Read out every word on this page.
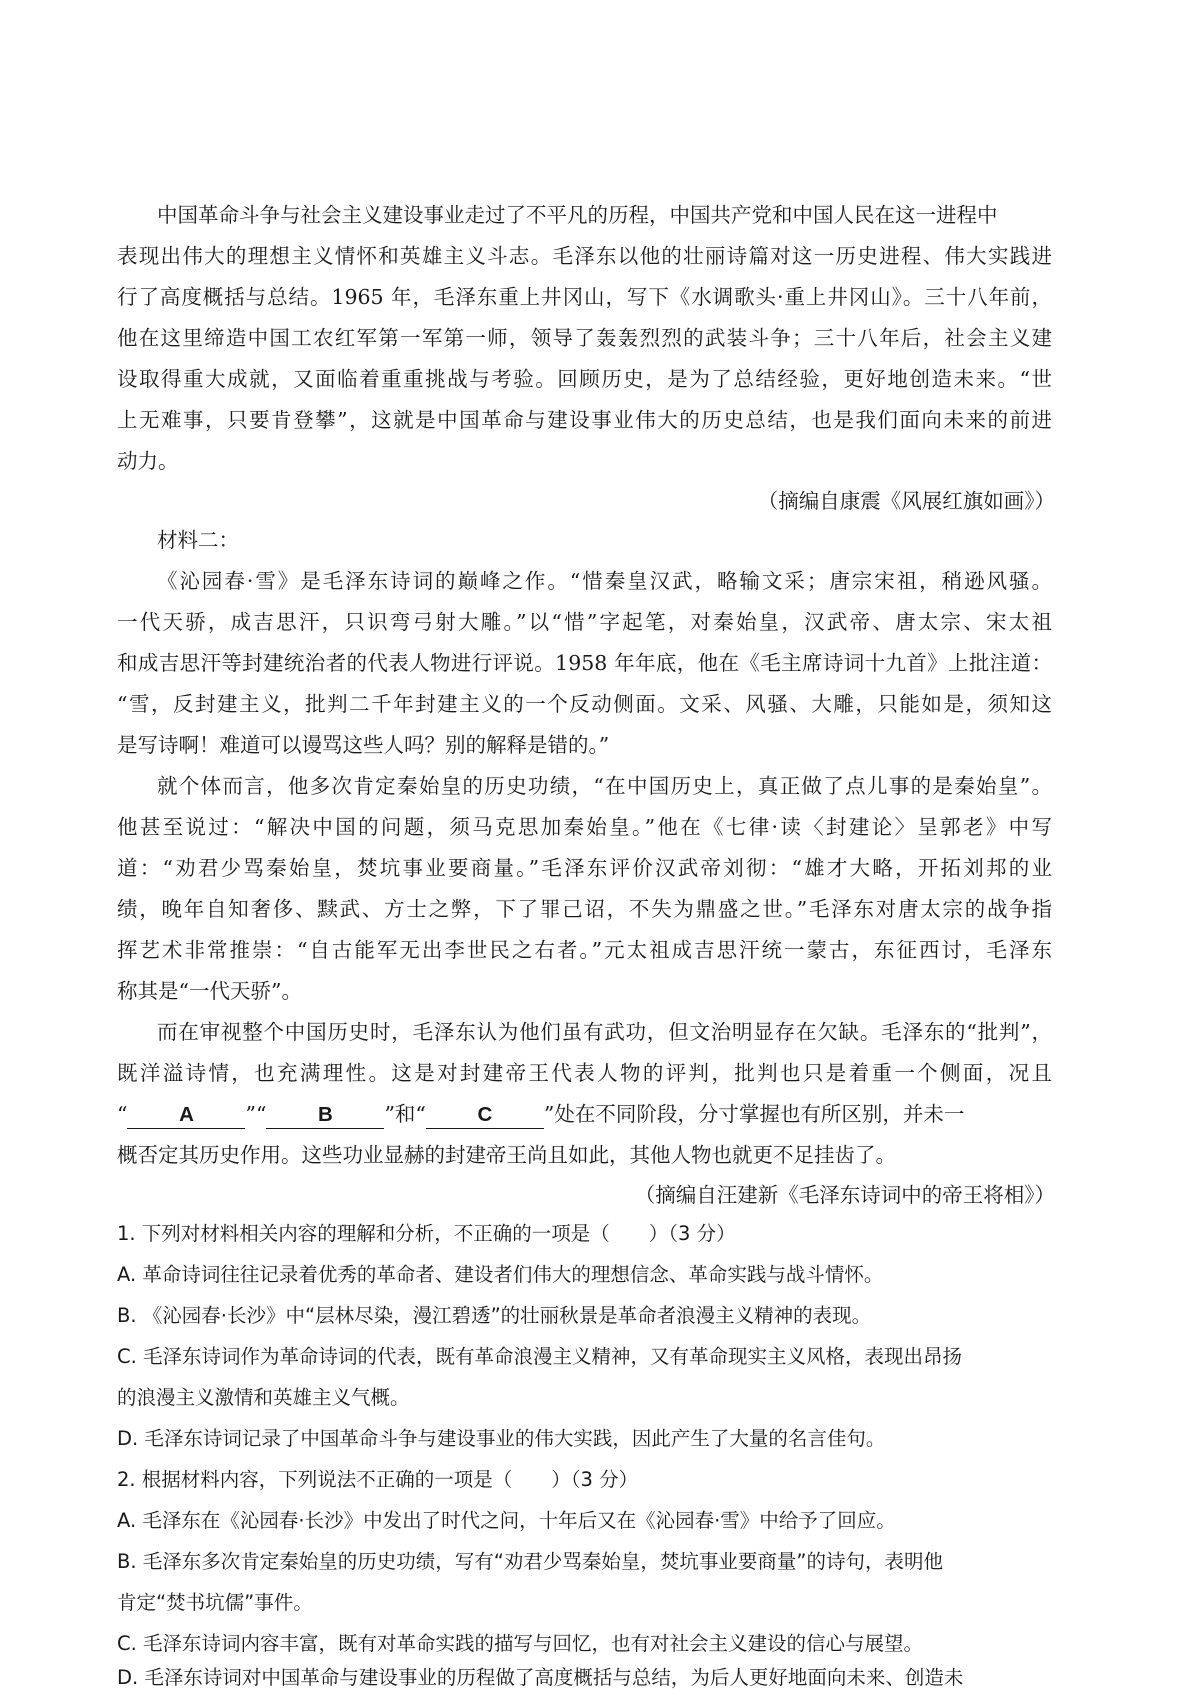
中国革命斗争与社会主义建设事业走过了不平凡的历程，中国共产党和中国人民在这一进程中
表现出伟大的理想主义情怀和英雄主义斗志。毛泽东以他的壮丽诗篇对这一历史进程、伟大实践进
行了高度概括与总结。1965 年，毛泽东重上井冈山，写下《水调歌头·重上井冈山》。三十八年前，
他在这里缔造中国工农红军第一军第一师，领导了轰轰烈烈的武装斗争；三十八年后，社会主义建
设取得重大成就，又面临着重重挑战与考验。回顾历史，是为了总结经验，更好地创造未来。“世
上无难事，只要肯登攀”，这就是中国革命与建设事业伟大的历史总结，也是我们面向未来的前进
动力。
（摘编自康震《风展红旗如画》）
材料二：
《沁园春·雪》是毛泽东诗词的巅峰之作。“惜秦皇汉武，略输文采；唐宗宋祖，稍逊风骚。
一代天骄，成吉思汗，只识弯弓射大雕。”以“惜”字起笔，对秦始皇，汉武帝、唐太宗、宋太祖
和成吉思汗等封建统治者的代表人物进行评说。1958 年年底，他在《毛主席诗词十九首》上批注道：
“雪，反封建主义，批判二千年封建主义的一个反动侧面。文采、风骚、大雕，只能如是，须知这
是写诗啊！难道可以谩骂这些人吗？别的解释是错的。”
就个体而言，他多次肯定秦始皇的历史功绩，“在中国历史上，真正做了点儿事的是秦始皇”。
他甚至说过：“解决中国的问题，须马克思加秦始皇。”他在《七律·读〈封建论〉呈郭老》中写
道：“劝君少骂秦始皇，焚坑事业要商量。”毛泽东评价汉武帝刘彻：“雄才大略，开拓刘邦的业
绩，晚年自知奢侈、黩武、方士之弊，下了罪己诏，不失为鼎盛之世。”毛泽东对唐太宗的战争指
挥艺术非常推崇：“自古能军无出李世民之右者。”元太祖成吉思汗统一蒙古，东征西讨，毛泽东
称其是“一代天骄”。
而在审视整个中国历史时，毛泽东认为他们虽有武功，但文治明显存在欠缺。毛泽东的“批判”，
既洋溢诗情，也充满理性。这是对封建帝王代表人物的评判，批判也只是着重一个侧面，况且
“	A	”“	B	”和“	C	”处在不同阶段，分寸掌握也有所区别，并未一
概否定其历史作用。这些功业显赫的封建帝王尚且如此，其他人物也就更不足挂齿了。
（摘编自汪建新《毛泽东诗词中的帝王将相》）
1. 下列对材料相关内容的理解和分析，不正确的一项是（　　）（3 分）
A. 革命诗词往往记录着优秀的革命者、建设者们伟大的理想信念、革命实践与战斗情怀。
B. 《沁园春·长沙》中“层林尽染，漫江碧透”的壮丽秋景是革命者浪漫主义精神的表现。
C. 毛泽东诗词作为革命诗词的代表，既有革命浪漫主义精神，又有革命现实主义风格，表现出昂扬
的浪漫主义激情和英雄主义气概。
D. 毛泽东诗词记录了中国革命斗争与建设事业的伟大实践，因此产生了大量的名言佳句。
2. 根据材料内容，下列说法不正确的一项是（　　）（3 分）
A. 毛泽东在《沁园春·长沙》中发出了时代之问，十年后又在《沁园春·雪》中给予了回应。
B. 毛泽东多次肯定秦始皇的历史功绩，写有“劝君少骂秦始皇，焚坑事业要商量”的诗句，表明他
肯定“焚书坑儒”事件。
C. 毛泽东诗词内容丰富，既有对革命实践的描写与回忆，也有对社会主义建设的信心与展望。
D. 毛泽东诗词对中国革命与建设事业的历程做了高度概括与总结，为后人更好地面向未来、创造未
